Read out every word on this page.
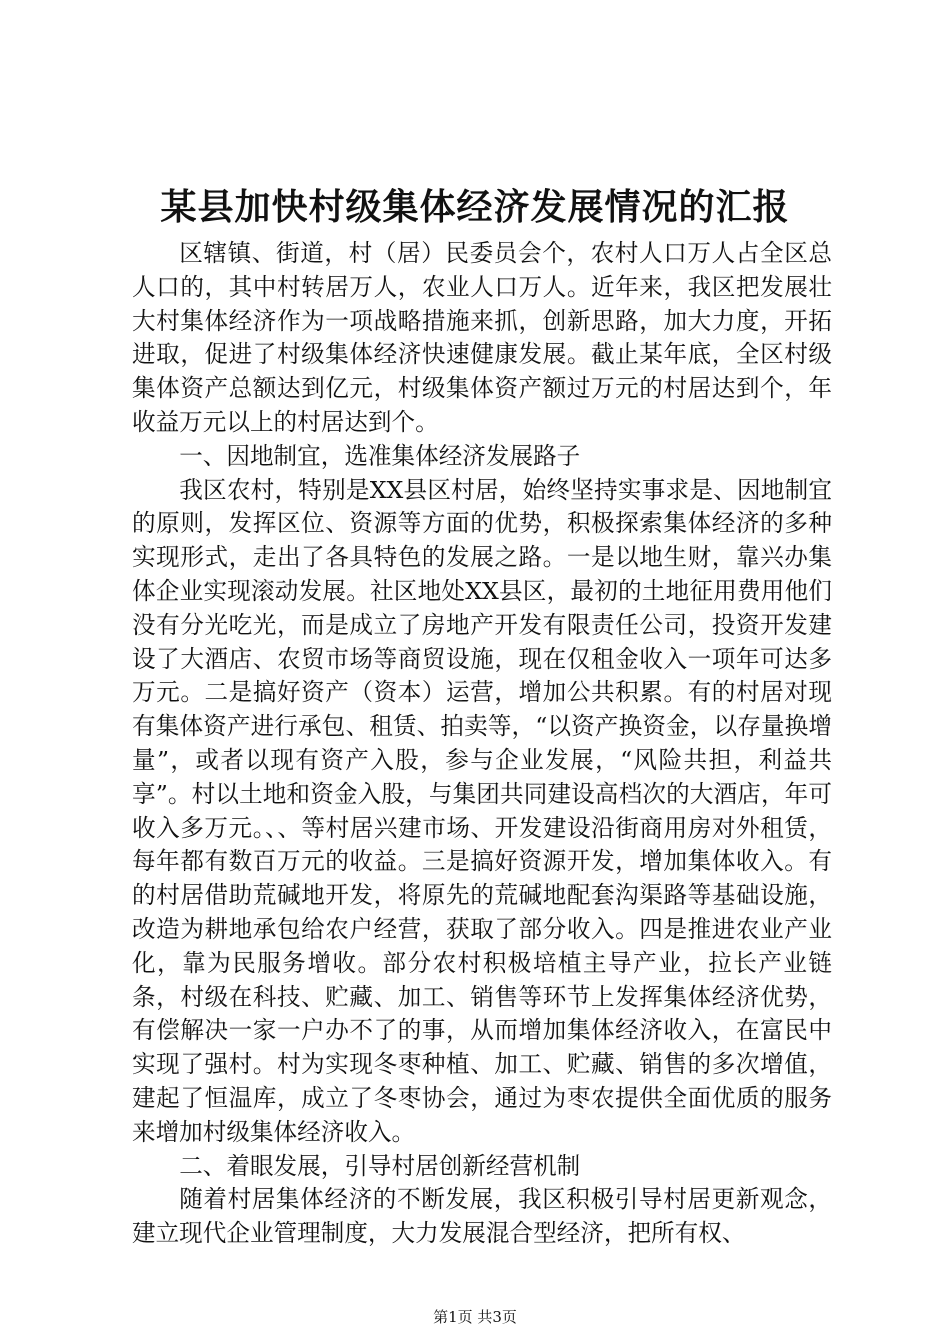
某县加快村级集体经济发展情况的汇报

区辖镇、街道，村（居）民委员会个，农村人口万人占全区总人口的，其中村转居万人，农业人口万人。近年来，我区把发展壮大村集体经济作为一项战略措施来抓，创新思路，加大力度，开拓进取，促进了村级集体经济快速健康发展。截止某年底，全区村级集体资产总额达到亿元，村级集体资产额过万元的村居达到个，年收益万元以上的村居达到个。

一、因地制宜，选准集体经济发展路子

我区农村，特别是XX县区村居，始终坚持实事求是、因地制宜的原则，发挥区位、资源等方面的优势，积极探索集体经济的多种实现形式，走出了各具特色的发展之路。一是以地生财，靠兴办集体企业实现滚动发展。社区地处XX县区，最初的土地征用费用他们没有分光吃光，而是成立了房地产开发有限责任公司，投资开发建设了大酒店、农贸市场等商贸设施，现在仅租金收入一项年可达多万元。二是搞好资产（资本）运营，增加公共积累。有的村居对现有集体资产进行承包、租赁、拍卖等，“以资产换资金，以存量换增量”，或者以现有资产入股，参与企业发展，“风险共担，利益共享”。村以土地和资金入股，与集团共同建设高档次的大酒店，年可收入多万元。、、等村居兴建市场、开发建设沿街商用房对外租赁，每年都有数百万元的收益。三是搞好资源开发，增加集体收入。有的村居借助荒碱地开发，将原先的荒碱地配套沟渠路等基础设施，改造为耕地承包给农户经营，获取了部分收入。四是推进农业产业化，靠为民服务增收。部分农村积极培植主导产业，拉长产业链条，村级在科技、贮藏、加工、销售等环节上发挥集体经济优势，有偿解决一家一户办不了的事，从而增加集体经济收入，在富民中实现了强村。村为实现冬枣种植、加工、贮藏、销售的多次增值，建起了恒温库，成立了冬枣协会，通过为枣农提供全面优质的服务来增加村级集体经济收入。

二、着眼发展，引导村居创新经营机制

随着村居集体经济的不断发展，我区积极引导村居更新观念，建立现代企业管理制度，大力发展混合型经济，把所有权、

第1页 共3页
